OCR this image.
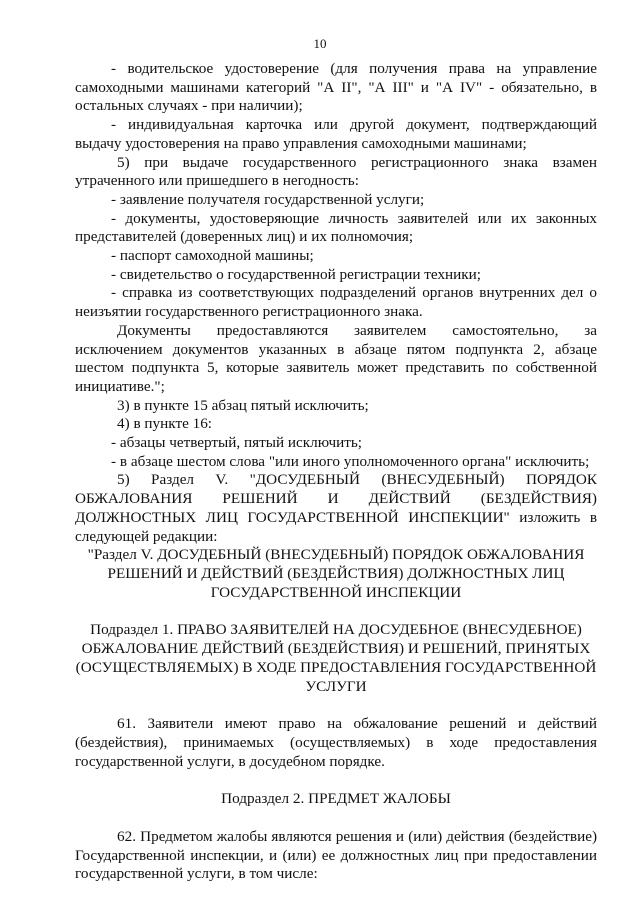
10

- водительское удостоверение (для получения права на управление самоходными машинами категорий "А II", "А III" и "А IV" - обязательно, в остальных случаях - при наличии);

- индивидуальная карточка или другой документ, подтверждающий выдачу удостоверения на право управления самоходными машинами;

5) при выдаче государственного регистрационного знака взамен утраченного или пришедшего в негодность:

- заявление получателя государственной услуги;

- документы, удостоверяющие личность заявителей или их законных представителей (доверенных лиц) и их полномочия;

- паспорт самоходной машины;

- свидетельство о государственной регистрации техники;

- справка из соответствующих подразделений органов внутренних дел о неизъятии государственного регистрационного знака.

Документы предоставляются заявителем самостоятельно, за исключением документов указанных в абзаце пятом подпункта 2, абзаце шестом подпункта 5, которые заявитель может представить по собственной инициативе.";

3) в пункте 15 абзац пятый исключить;

4) в пункте 16:

- абзацы четвертый, пятый исключить;

- в абзаце шестом слова "или иного уполномоченного органа" исключить;

5) Раздел V. "ДОСУДЕБНЫЙ (ВНЕСУДЕБНЫЙ) ПОРЯДОК ОБЖАЛОВАНИЯ РЕШЕНИЙ И ДЕЙСТВИЙ (БЕЗДЕЙСТВИЯ) ДОЛЖНОСТНЫХ ЛИЦ ГОСУДАРСТВЕННОЙ ИНСПЕКЦИИ" изложить в следующей редакции:

"Раздел V. ДОСУДЕБНЫЙ (ВНЕСУДЕБНЫЙ) ПОРЯДОК ОБЖАЛОВАНИЯ РЕШЕНИЙ И ДЕЙСТВИЙ (БЕЗДЕЙСТВИЯ) ДОЛЖНОСТНЫХ ЛИЦ ГОСУДАРСТВЕННОЙ ИНСПЕКЦИИ

Подраздел 1. ПРАВО ЗАЯВИТЕЛЕЙ НА ДОСУДЕБНОЕ (ВНЕСУДЕБНОЕ) ОБЖАЛОВАНИЕ ДЕЙСТВИЙ (БЕЗДЕЙСТВИЯ) И РЕШЕНИЙ, ПРИНЯТЫХ (ОСУЩЕСТВЛЯЕМЫХ) В ХОДЕ ПРЕДОСТАВЛЕНИЯ ГОСУДАРСТВЕННОЙ УСЛУГИ

61. Заявители имеют право на обжалование решений и действий (бездействия), принимаемых (осуществляемых) в ходе предоставления государственной услуги, в досудебном порядке.

Подраздел 2. ПРЕДМЕТ ЖАЛОБЫ

62. Предметом жалобы являются решения и (или) действия (бездействие) Государственной инспекции, и (или) ее должностных лиц при предоставлении государственной услуги, в том числе:
